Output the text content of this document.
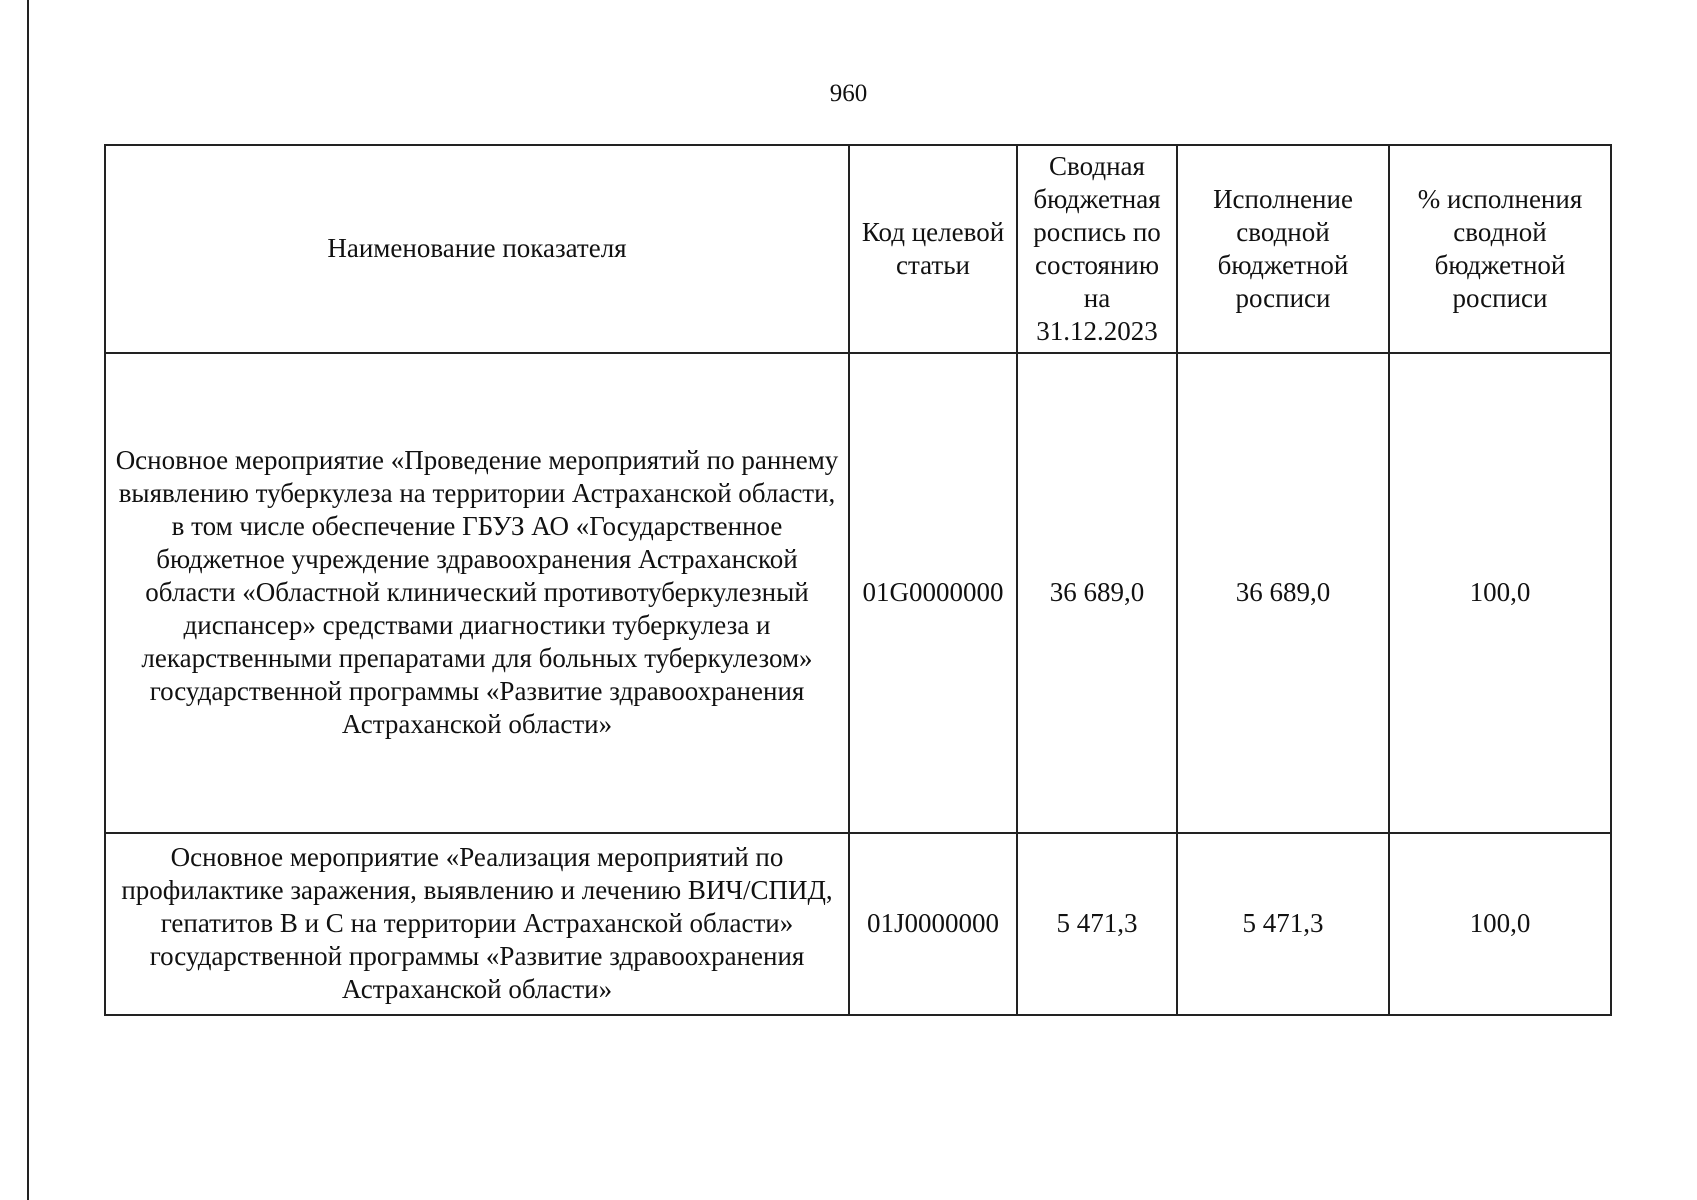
960
Наименование показателя	Код целевой статьи	Сводная бюджетная роспись по состоянию на 31.12.2023	Исполнение сводной бюджетной росписи	% исполнения сводной бюджетной росписи
Основное мероприятие «Проведение мероприятий по раннему выявлению туберкулеза на территории Астраханской области, в том числе обеспечение ГБУЗ АО «Государственное бюджетное учреждение здравоохранения Астраханской области «Областной клинический противотуберкулезный диспансер» средствами диагностики туберкулеза и лекарственными препаратами для больных туберкулезом» государственной программы «Развитие здравоохранения Астраханской области»	01G0000000	36 689,0	36 689,0	100,0
Основное мероприятие «Реализация мероприятий по профилактике заражения, выявлению и лечению ВИЧ/СПИД, гепатитов В и С на территории Астраханской области» государственной программы «Развитие здравоохранения Астраханской области»	01J0000000	5 471,3	5 471,3	100,0
